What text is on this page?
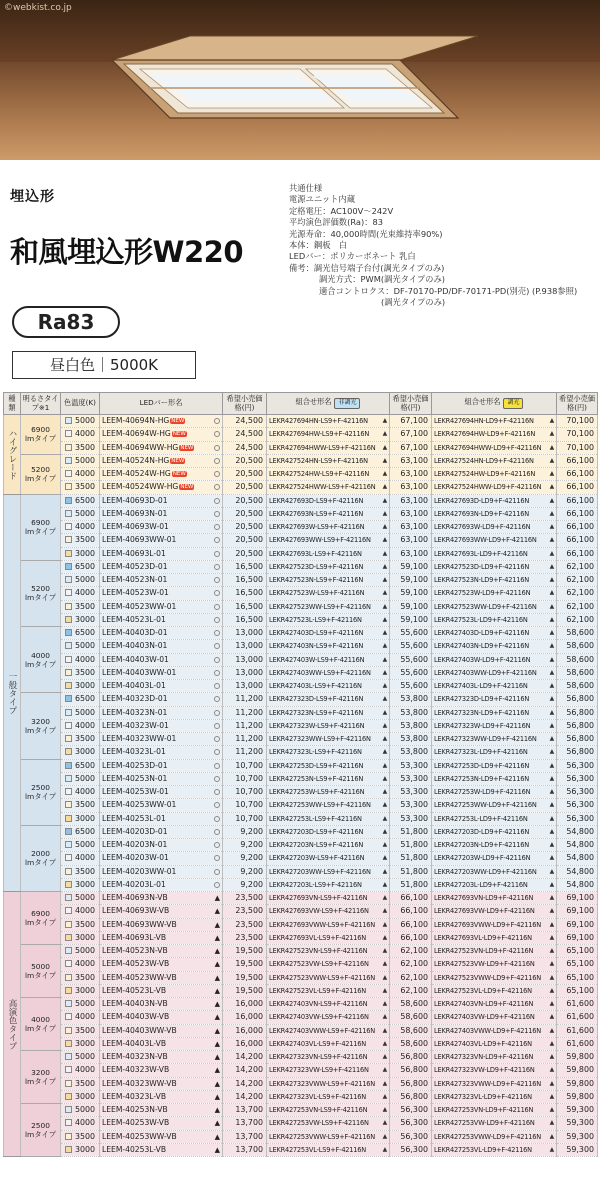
©webkist.co.jp
埋込形
和風埋込形W220
Ra83
昼白色｜5000K
共通仕様
電源ユニット内蔵
定格電圧：AC100V～242V
平均演色評価数(Ra)：83
光源寿命：40,000時間(光束維持率90%)
本体：鋼板　白
LEDバー：ポリカーボネート 乳白
備考：調光信号端子台付(調光タイプのみ)
調光方式：PWM(調光タイプのみ)
適合コントロクス：DF-70170-PD/DF-70171-PD(別売) (P.938参照)
(調光タイプのみ)
種類	明るさタイプ※1	色温度(K)	LEDバー形名	希望小売価格(円)	組合せ形名 非調光	希望小売価格(円)	組合せ形名 調光	希望小売価格(円)
ハイグレード	6900
lmタイプ	5000	LEEM-40694N-HG NEW	24,500	LEKR427694HN-LS9+F-42116N ▲	67,100	LEKR427694HN-LD9+F-42116N ▲	70,100
		4000	LEEM-40694W-HG NEW	24,500	LEKR427694HW-LS9+F-42116N ▲	67,100	LEKR427694HW-LD9+F-42116N ▲	70,100
		3500	LEEM-40694WW-HG NEW	24,500	LEKR427694HWW-LS9+F-42116N ▲	67,100	LEKR427694HWW-LD9+F-42116N ▲	70,100
	5200
lmタイプ	5000	LEEM-40524N-HG NEW	20,500	LEKR427524HN-LS9+F-42116N ▲	63,100	LEKR427524HN-LD9+F-42116N ▲	66,100
		4000	LEEM-40524W-HG NEW	20,500	LEKR427524HW-LS9+F-42116N ▲	63,100	LEKR427524HW-LD9+F-42116N ▲	66,100
		3500	LEEM-40524WW-HG NEW	20,500	LEKR427524HWW-LS9+F-42116N ▲	63,100	LEKR427524HWW-LD9+F-42116N ▲	66,100
一般タイプ	6900
lmタイプ	6500	LEEM-40693D-01	20,500	LEKR427693D-LS9+F-42116N ▲	63,100	LEKR427693D-LD9+F-42116N ▲	66,100
		5000	LEEM-40693N-01	20,500	LEKR427693N-LS9+F-42116N ▲	63,100	LEKR427693N-LD9+F-42116N ▲	66,100
		4000	LEEM-40693W-01	20,500	LEKR427693W-LS9+F-42116N ▲	63,100	LEKR427693W-LD9+F-42116N ▲	66,100
		3500	LEEM-40693WW-01	20,500	LEKR427693WW-LS9+F-42116N ▲	63,100	LEKR427693WW-LD9+F-42116N ▲	66,100
		3000	LEEM-40693L-01	20,500	LEKR427693L-LS9+F-42116N ▲	63,100	LEKR427693L-LD9+F-42116N ▲	66,100
	5200
lmタイプ	6500	LEEM-40523D-01	16,500	LEKR427523D-LS9+F-42116N ▲	59,100	LEKR427523D-LD9+F-42116N ▲	62,100
		5000	LEEM-40523N-01	16,500	LEKR427523N-LS9+F-42116N ▲	59,100	LEKR427523N-LD9+F-42116N ▲	62,100
		4000	LEEM-40523W-01	16,500	LEKR427523W-LS9+F-42116N ▲	59,100	LEKR427523W-LD9+F-42116N ▲	62,100
		3500	LEEM-40523WW-01	16,500	LEKR427523WW-LS9+F-42116N ▲	59,100	LEKR427523WW-LD9+F-42116N ▲	62,100
		3000	LEEM-40523L-01	16,500	LEKR427523L-LS9+F-42116N ▲	59,100	LEKR427523L-LD9+F-42116N ▲	62,100
	4000
lmタイプ	6500	LEEM-40403D-01	13,000	LEKR427403D-LS9+F-42116N ▲	55,600	LEKR427403D-LD9+F-42116N ▲	58,600
		5000	LEEM-40403N-01	13,000	LEKR427403N-LS9+F-42116N ▲	55,600	LEKR427403N-LD9+F-42116N ▲	58,600
		4000	LEEM-40403W-01	13,000	LEKR427403W-LS9+F-42116N ▲	55,600	LEKR427403W-LD9+F-42116N ▲	58,600
		3500	LEEM-40403WW-01	13,000	LEKR427403WW-LS9+F-42116N ▲	55,600	LEKR427403WW-LD9+F-42116N ▲	58,600
		3000	LEEM-40403L-01	13,000	LEKR427403L-LS9+F-42116N ▲	55,600	LEKR427403L-LD9+F-42116N ▲	58,600
	3200
lmタイプ	6500	LEEM-40323D-01	11,200	LEKR427323D-LS9+F-42116N ▲	53,800	LEKR427323D-LD9+F-42116N ▲	56,800
		5000	LEEM-40323N-01	11,200	LEKR427323N-LS9+F-42116N ▲	53,800	LEKR427323N-LD9+F-42116N ▲	56,800
		4000	LEEM-40323W-01	11,200	LEKR427323W-LS9+F-42116N ▲	53,800	LEKR427323W-LD9+F-42116N ▲	56,800
		3500	LEEM-40323WW-01	11,200	LEKR427323WW-LS9+F-42116N ▲	53,800	LEKR427323WW-LD9+F-42116N ▲	56,800
		3000	LEEM-40323L-01	11,200	LEKR427323L-LS9+F-42116N ▲	53,800	LEKR427323L-LD9+F-42116N ▲	56,800
	2500
lmタイプ	6500	LEEM-40253D-01	10,700	LEKR427253D-LS9+F-42116N ▲	53,300	LEKR427253D-LD9+F-42116N ▲	56,300
		5000	LEEM-40253N-01	10,700	LEKR427253N-LS9+F-42116N ▲	53,300	LEKR427253N-LD9+F-42116N ▲	56,300
		4000	LEEM-40253W-01	10,700	LEKR427253W-LS9+F-42116N ▲	53,300	LEKR427253W-LD9+F-42116N ▲	56,300
		3500	LEEM-40253WW-01	10,700	LEKR427253WW-LS9+F-42116N ▲	53,300	LEKR427253WW-LD9+F-42116N ▲	56,300
		3000	LEEM-40253L-01	10,700	LEKR427253L-LS9+F-42116N ▲	53,300	LEKR427253L-LD9+F-42116N ▲	56,300
	2000
lmタイプ	6500	LEEM-40203D-01	9,200	LEKR427203D-LS9+F-42116N ▲	51,800	LEKR427203D-LD9+F-42116N ▲	54,800
		5000	LEEM-40203N-01	9,200	LEKR427203N-LS9+F-42116N ▲	51,800	LEKR427203N-LD9+F-42116N ▲	54,800
		4000	LEEM-40203W-01	9,200	LEKR427203W-LS9+F-42116N ▲	51,800	LEKR427203W-LD9+F-42116N ▲	54,800
		3500	LEEM-40203WW-01	9,200	LEKR427203WW-LS9+F-42116N ▲	51,800	LEKR427203WW-LD9+F-42116N ▲	54,800
		3000	LEEM-40203L-01	9,200	LEKR427203L-LS9+F-42116N ▲	51,800	LEKR427203L-LD9+F-42116N ▲	54,800
高演色タイプ	6900
lmタイプ	5000	LEEM-40693N-VB ▲	23,500	LEKR427693VN-LS9+F-42116N ▲	66,100	LEKR427693VN-LD9+F-42116N ▲	69,100
		4000	LEEM-40693W-VB ▲	23,500	LEKR427693VW-LS9+F-42116N ▲	66,100	LEKR427693VW-LD9+F-42116N ▲	69,100
		3500	LEEM-40693WW-VB ▲	23,500	LEKR427693VWW-LS9+F-42116N ▲	66,100	LEKR427693VWW-LD9+F-42116N ▲	69,100
		3000	LEEM-40693L-VB ▲	23,500	LEKR427693VL-LS9+F-42116N ▲	66,100	LEKR427693VL-LD9+F-42116N ▲	69,100
	5000
lmタイプ	5000	LEEM-40523N-VB ▲	19,500	LEKR427523VN-LS9+F-42116N ▲	62,100	LEKR427523VN-LD9+F-42116N ▲	65,100
		4000	LEEM-40523W-VB ▲	19,500	LEKR427523VW-LS9+F-42116N ▲	62,100	LEKR427523VW-LD9+F-42116N ▲	65,100
		3500	LEEM-40523WW-VB ▲	19,500	LEKR427523VWW-LS9+F-42116N ▲	62,100	LEKR427523VWW-LD9+F-42116N ▲	65,100
		3000	LEEM-40523L-VB ▲	19,500	LEKR427523VL-LS9+F-42116N ▲	62,100	LEKR427523VL-LD9+F-42116N ▲	65,100
	4000
lmタイプ	5000	LEEM-40403N-VB ▲	16,000	LEKR427403VN-LS9+F-42116N ▲	58,600	LEKR427403VN-LD9+F-42116N ▲	61,600
		4000	LEEM-40403W-VB ▲	16,000	LEKR427403VW-LS9+F-42116N ▲	58,600	LEKR427403VW-LD9+F-42116N ▲	61,600
		3500	LEEM-40403WW-VB ▲	16,000	LEKR427403VWW-LS9+F-42116N ▲	58,600	LEKR427403VWW-LD9+F-42116N ▲	61,600
		3000	LEEM-40403L-VB ▲	16,000	LEKR427403VL-LS9+F-42116N ▲	58,600	LEKR427403VL-LD9+F-42116N ▲	61,600
	3200
lmタイプ	5000	LEEM-40323N-VB ▲	14,200	LEKR427323VN-LS9+F-42116N ▲	56,800	LEKR427323VN-LD9+F-42116N ▲	59,800
		4000	LEEM-40323W-VB ▲	14,200	LEKR427323VW-LS9+F-42116N ▲	56,800	LEKR427323VW-LD9+F-42116N ▲	59,800
		3500	LEEM-40323WW-VB ▲	14,200	LEKR427323VWW-LS9+F-42116N ▲	56,800	LEKR427323VWW-LD9+F-42116N ▲	59,800
		3000	LEEM-40323L-VB ▲	14,200	LEKR427323VL-LS9+F-42116N ▲	56,800	LEKR427323VL-LD9+F-42116N ▲	59,800
	2500
lmタイプ	5000	LEEM-40253N-VB ▲	13,700	LEKR427253VN-LS9+F-42116N ▲	56,300	LEKR427253VN-LD9+F-42116N ▲	59,300
		4000	LEEM-40253W-VB ▲	13,700	LEKR427253VW-LS9+F-42116N ▲	56,300	LEKR427253VW-LD9+F-42116N ▲	59,300
		3500	LEEM-40253WW-VB ▲	13,700	LEKR427253VWW-LS9+F-42116N ▲	56,300	LEKR427253VWW-LD9+F-42116N ▲	59,300
		3000	LEEM-40253L-VB ▲	13,700	LEKR427253VL-LS9+F-42116N ▲	56,300	LEKR427253VL-LD9+F-42116N ▲	59,300
